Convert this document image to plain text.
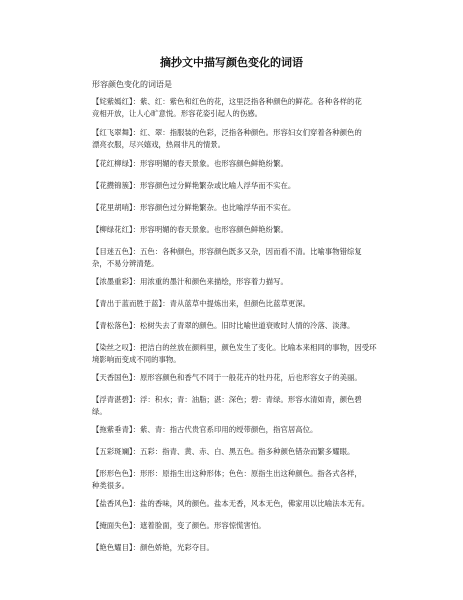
摘抄文中描写颜色变化的词语
形容颜色变化的词语是
【姹紫嫣红】：紫、红：紫色和红色的花，这里泛指各种颜色的鲜花。各种各样的花
竞相开放，让人心旷意悦。形容花姿引起人的伤感。
【红飞翠舞】：红、翠：指服装的色彩，泛指各种颜色。形容妇女们穿着各种颜色的
漂亮衣服，尽兴嬉戏，热闹非凡的情景。
【花红柳绿】：形容明媚的春天景象。也形容颜色鲜艳纷繁。
【花攒锦簇】：形容颜色过分鲜艳繁杂或比喻人浮华而不实在。
【花里胡哨】：形容颜色过分鲜艳繁杂。也比喻浮华而不实在。
【柳绿花红】：形容明媚的春天景象。也形容颜色鲜艳纷繁。
【目迷五色】：五色：各种颜色，形容颜色既多又杂，因而看不清。比喻事物错综复
杂，不易分辨清楚。
【浓墨重彩】：用浓重的墨汁和颜色来描绘，形容着力描写。
【青出于蓝而胜于蓝】：青从蓝草中提炼出来，但颜色比蓝草更深。
【青松落色】：松树失去了青翠的颜色。旧时比喻世道衰败时人情的冷落、淡薄。
【染丝之叹】：把洁白的丝放在颜料里，颜色发生了变化。比喻本来相同的事物，因受环
境影响而变成不同的事物。
【天香国色】：原形容颜色和香气不同于一般花卉的牡丹花，后也形容女子的美丽。
【浮青湛碧】：浮：积水；青：油脂；湛：深色；碧：青绿。形容水清如青，颜色碧
绿。
【拖紫垂青】：紫、青：指古代贵官系印用的绶带颜色，指官居高位。
【五彩斑斓】：五彩：指青、黄、赤、白、黑五色。指多种颜色错杂而繁多耀眼。
【形形色色】：形形：原指生出这种形体；色色：原指生出这种颜色。指各式各样，
种类很多。
【盐香风色】：盐的香味，风的颜色。盐本无香，风本无色，佛家用以比喻法本无有。
【掩面失色】：遮着脸面，变了颜色。形容惊慌害怕。
【艳色耀目】：颜色娇艳，光彩夺目。
